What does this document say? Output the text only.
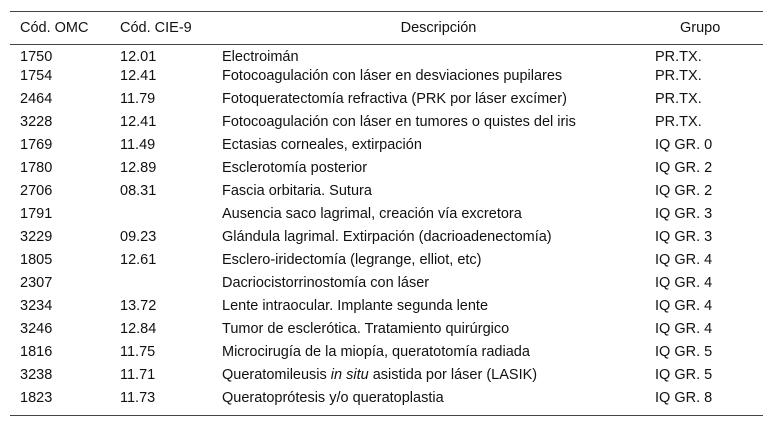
Cód. OMC	Cód. CIE-9	Descripción	Grupo
1750	12.01	Electroimán	PR.TX.
1754	12.41	Fotocoagulación con láser en desviaciones pupilares	PR.TX.
2464	11.79	Fotoqueratectomía refractiva (PRK por láser excímer)	PR.TX.
3228	12.41	Fotocoagulación con láser en tumores o quistes del iris	PR.TX.
1769	11.49	Ectasias corneales, extirpación	IQ GR. 0
1780	12.89	Esclerotomía posterior	IQ GR. 2
2706	08.31	Fascia orbitaria. Sutura	IQ GR. 2
1791		Ausencia saco lagrimal, creación vía excretora	IQ GR. 3
3229	09.23	Glándula lagrimal. Extirpación (dacrioadenectomía)	IQ GR. 3
1805	12.61	Esclero-iridectomía (legrange, elliot, etc)	IQ GR. 4
2307		Dacriocistorrinostomía con láser	IQ GR. 4
3234	13.72	Lente intraocular. Implante segunda lente	IQ GR. 4
3246	12.84	Tumor de esclerótica. Tratamiento quirúrgico	IQ GR. 4
1816	11.75	Microcirugía de la miopía, queratotomía radiada	IQ GR. 5
3238	11.71	Queratomileusis in situ asistida por láser (LASIK)	IQ GR. 5
1823	11.73	Queratoprótesis y/o queratoplastia	IQ GR. 8
